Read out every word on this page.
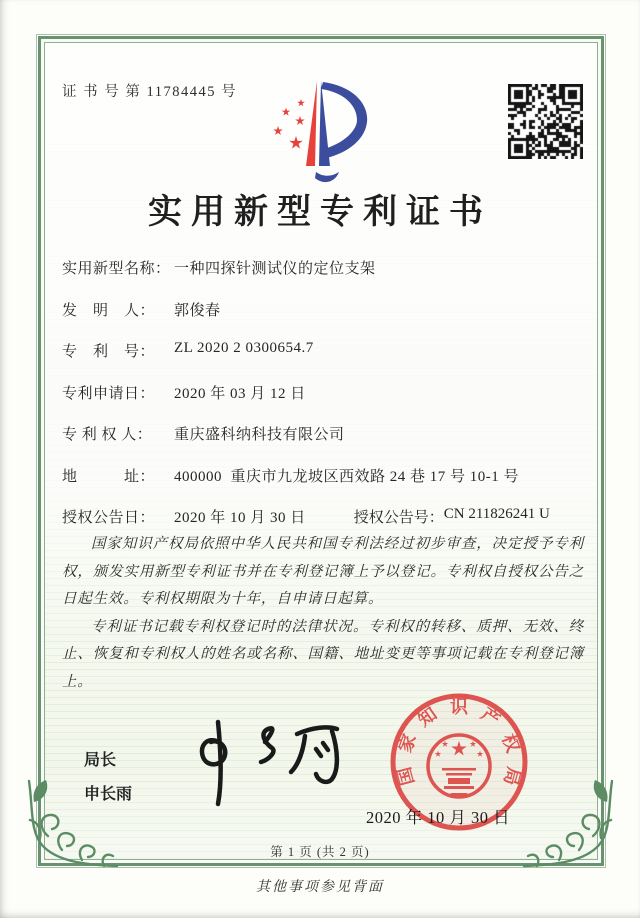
证 书 号 第 11784445 号
实用新型专利证书
实用新型名称： 一种四探针测试仪的定位支架
发　明　人：	郭俊春
专　利　号：	ZL 2020 2 0300654.7
专利申请日：	2020 年 03 月 12 日
专 利 权 人：	重庆盛科纳科技有限公司
地　　　址：	400000  重庆市九龙坡区西效路 24 巷 17 号 10-1 号
授权公告日：	2020 年 10 月 30 日	授权公告号： CN 211826241 U

国家知识产权局依照中华人民共和国专利法经过初步审查，决定授予专利权，颁发实用新型专利证书并在专利登记簿上予以登记。专利权自授权公告之日起生效。专利权期限为十年，自申请日起算。

专利证书记载专利权登记时的法律状况。专利权的转移、质押、无效、终止、恢复和专利权人的姓名或名称、国籍、地址变更等事项记载在专利登记簿上。

局长
申长雨
国
家
知 识 产
权
局
2020 年 10 月 30 日
第 1 页 (共 2 页)
其他事项参见背面
